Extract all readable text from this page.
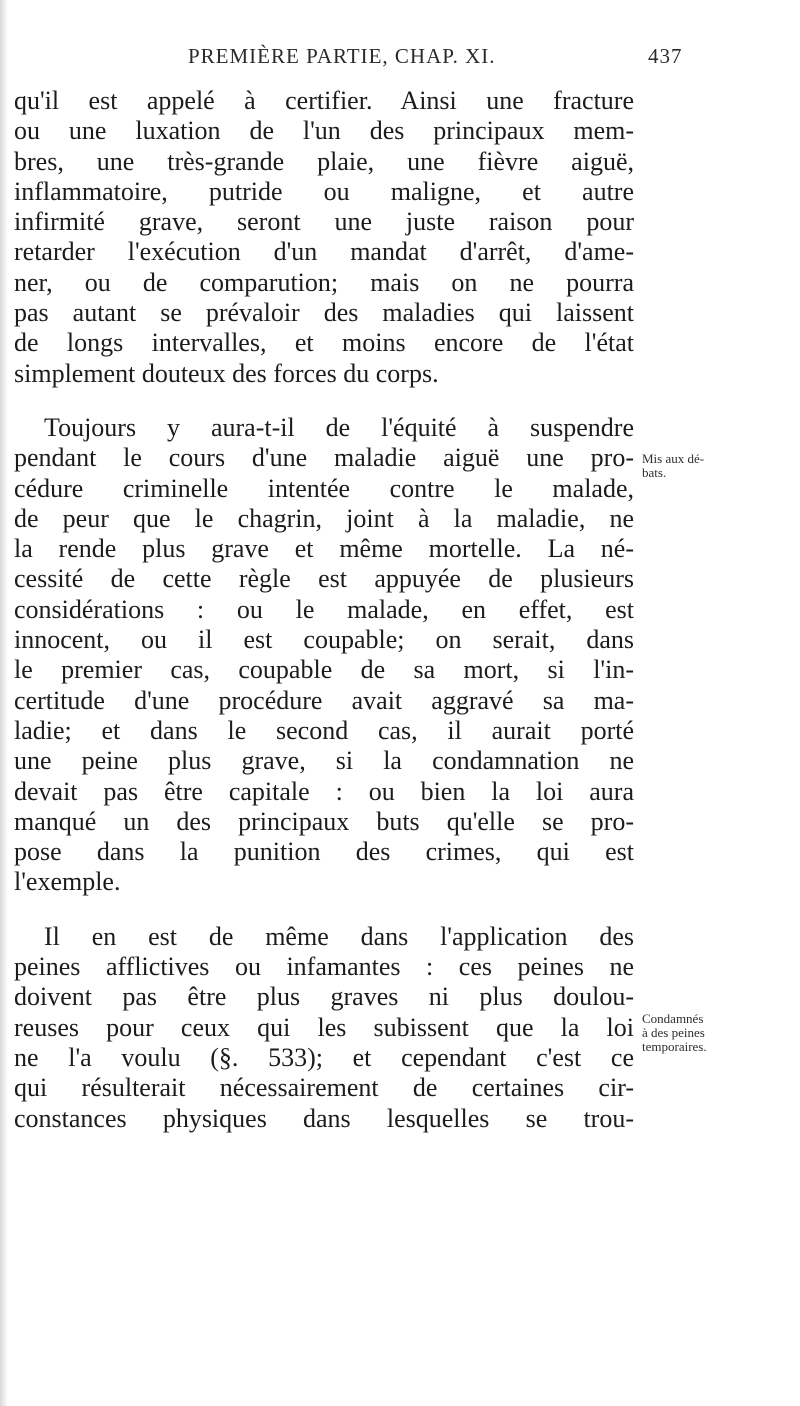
PREMIÈRE PARTIE, CHAP. XI.	437
qu'il est appelé à certifier. Ainsi une fracture
ou une luxation de l'un des principaux mem-
bres, une très-grande plaie, une fièvre aiguë,
inflammatoire, putride ou maligne, et autre
infirmité grave, seront une juste raison pour
retarder l'exécution d'un mandat d'arrêt, d'ame-
ner, ou de comparution; mais on ne pourra
pas autant se prévaloir des maladies qui laissent
de longs intervalles, et moins encore de l'état
simplement douteux des forces du corps.
Toujours y aura-t-il de l'équité à suspendre
pendant le cours d'une maladie aiguë une pro-
cédure criminelle intentée contre le malade,
de peur que le chagrin, joint à la maladie, ne
la rende plus grave et même mortelle. La né-
cessité de cette règle est appuyée de plusieurs
considérations : ou le malade, en effet, est
innocent, ou il est coupable; on serait, dans
le premier cas, coupable de sa mort, si l'in-
certitude d'une procédure avait aggravé sa ma-
ladie; et dans le second cas, il aurait porté
une peine plus grave, si la condamnation ne
devait pas être capitale : ou bien la loi aura
manqué un des principaux buts qu'elle se pro-
pose dans la punition des crimes, qui est
l'exemple.
Il en est de même dans l'application des
peines afflictives ou infamantes : ces peines ne
doivent pas être plus graves ni plus doulou-
reuses pour ceux qui les subissent que la loi
ne l'a voulu (§. 533); et cependant c'est ce
qui résulterait nécessairement de certaines cir-
constances physiques dans lesquelles se trou-
Mis aux dé-
bats.
Condamnés
à des peines
temporaires.
